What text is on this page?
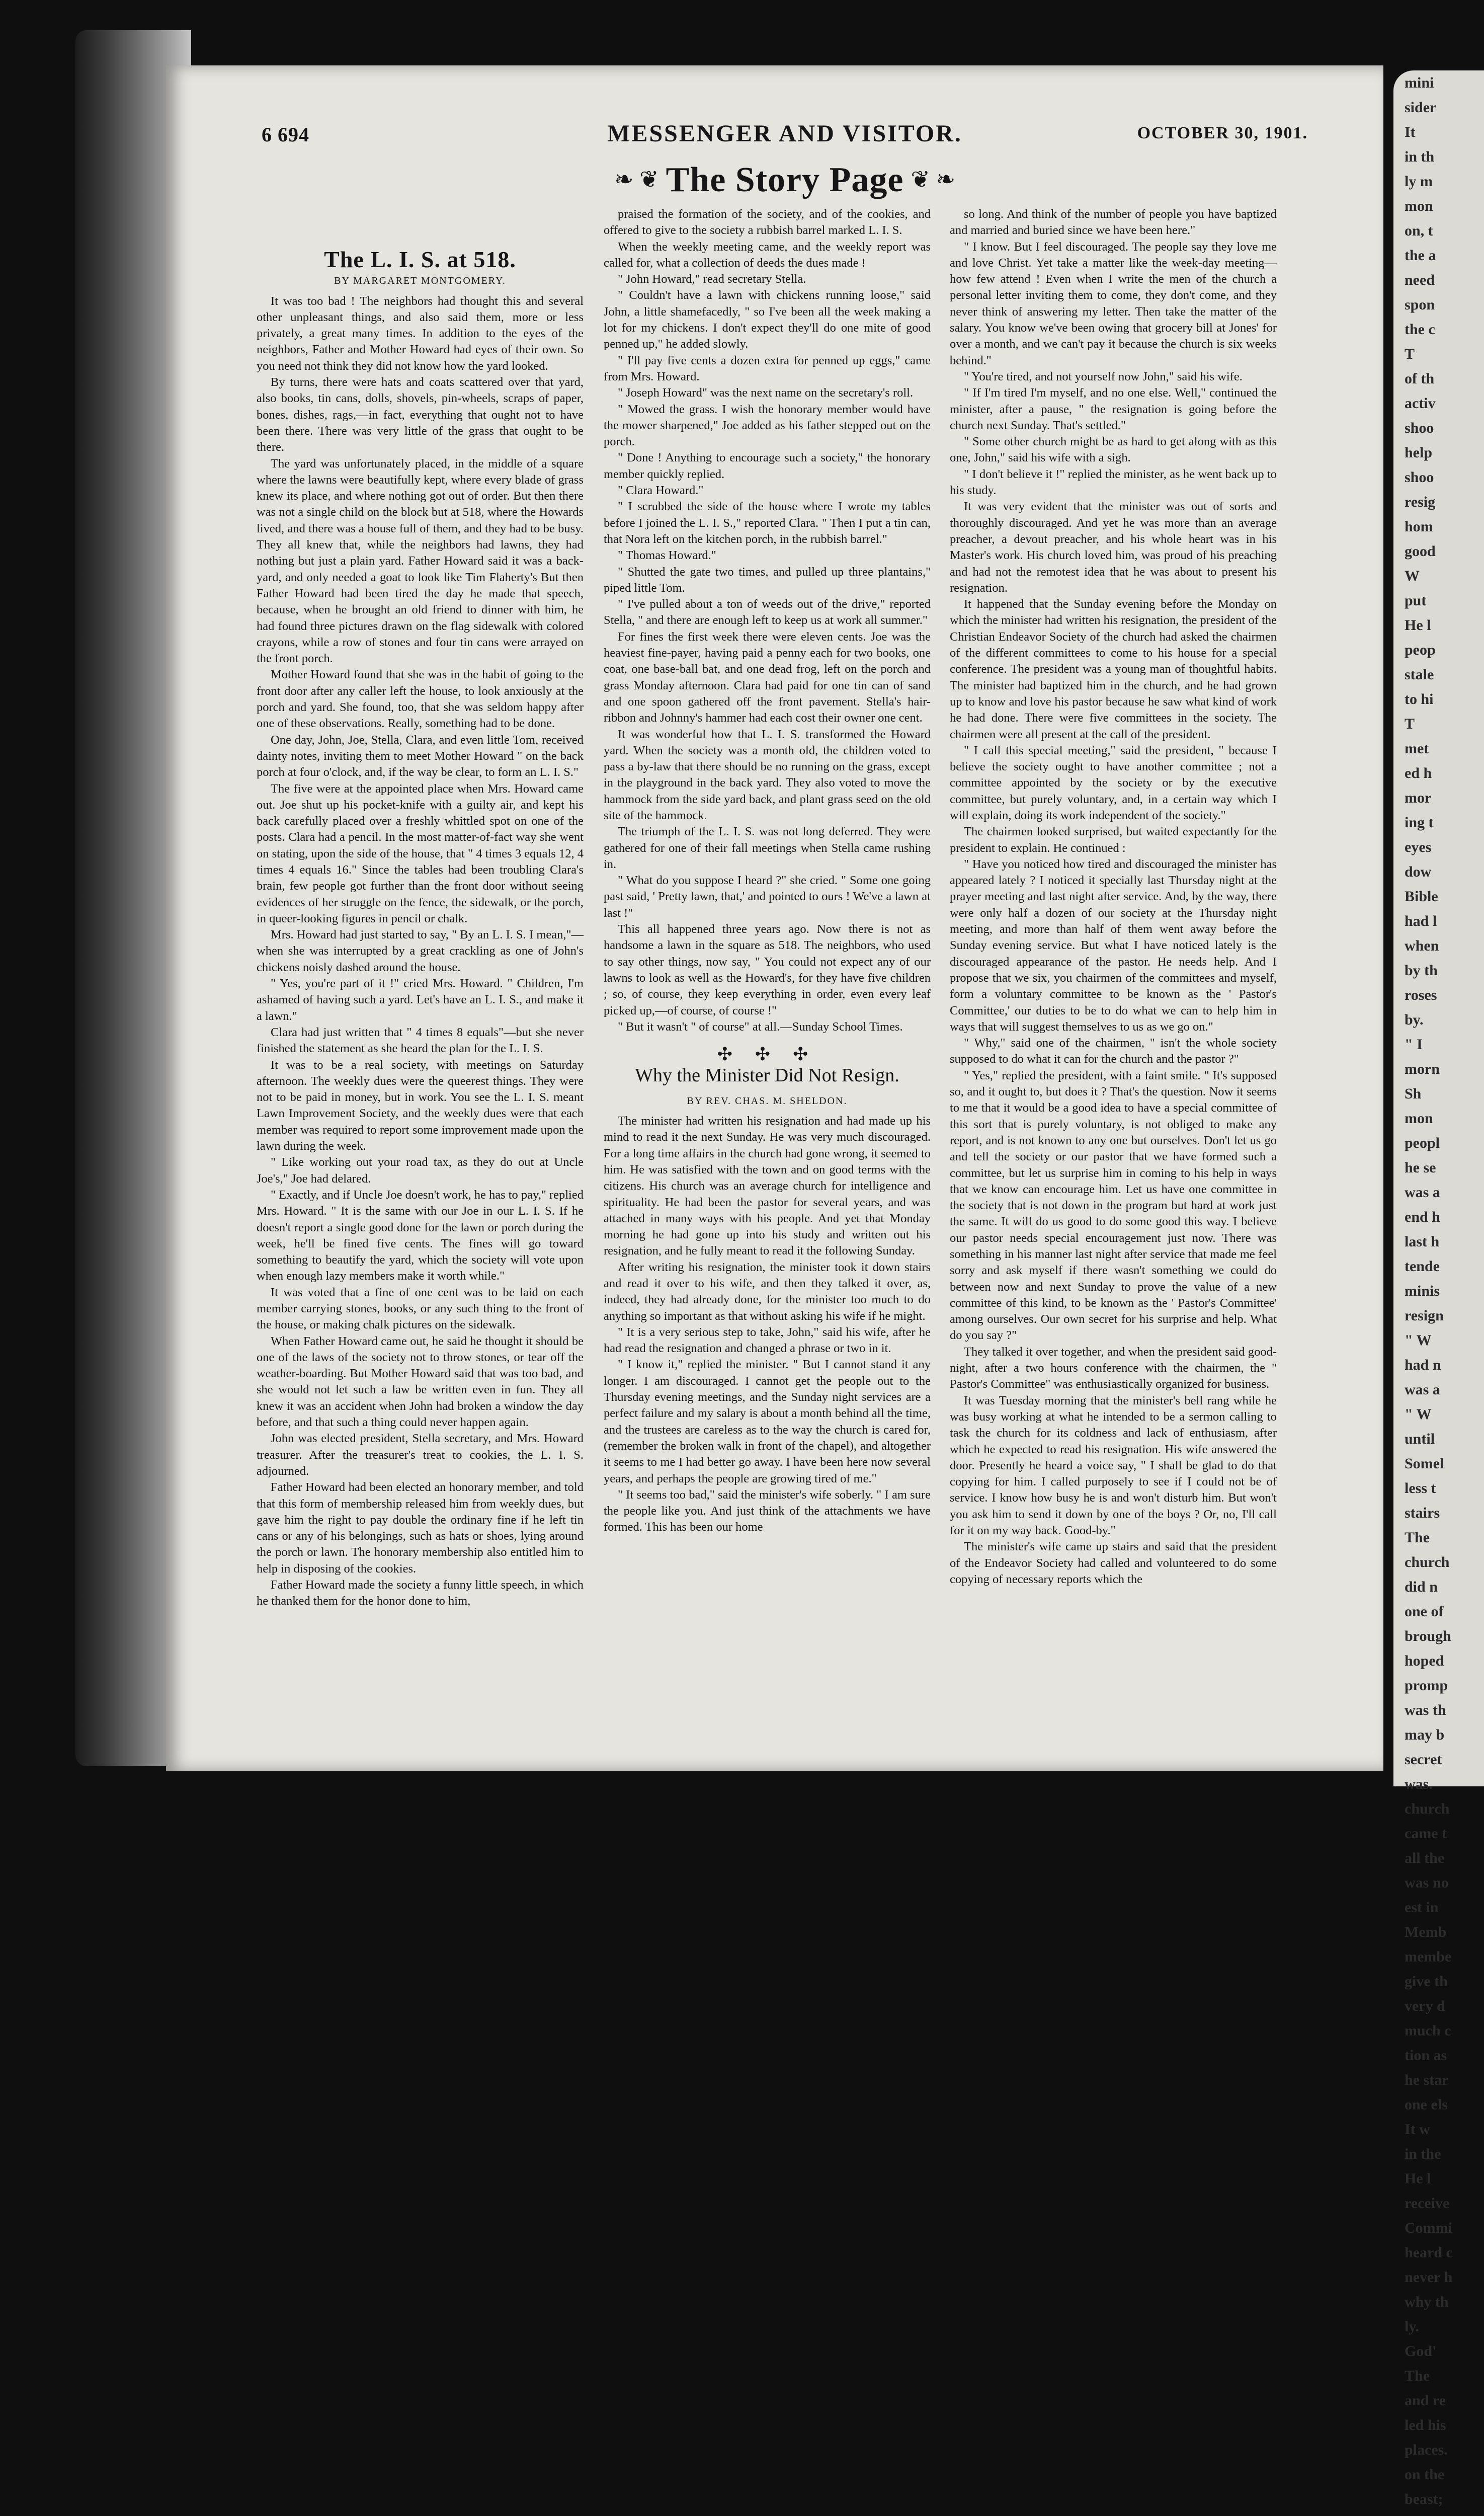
mini
sider
It
in th
ly m
mon
on, t
the a
need
spon
the c
T
of th
activ
shoo
help
shoo
resig
hom
good
W
put
He l
peop
stale
to hi
T
met
ed h
mor
ing t
eyes
dow
Bible
had l
when
by th
roses
by.
" I
morn
Sh
mon
peopl
he se
was a
end h
last h
tende
minis
resign
" W
had n
was a
" W
until
Somel
less t
stairs
The
church
did n
one of
brough
hoped
promp
was th
may b
secret
was.
church
came t
all the
was no
est in
Memb
membe
give th
very d
much c
tion as
he star
one els
It w
in the
He l
receive
Commi
heard c
never h
why th
ly.
God'
The
and re
led his
places.
on the
beast;
6 694	MESSENGER AND VISITOR.	OCTOBER 30, 1901.
❧ ❦ The Story Page ❦ ❧
The L. I. S. at 518.
BY MARGARET MONTGOMERY.

It was too bad ! The neighbors had thought this and several other unpleasant things, and also said them, more or less privately, a great many times. In addition to the eyes of the neighbors, Father and Mother Howard had eyes of their own. So you need not think they did not know how the yard looked.

By turns, there were hats and coats scattered over that yard, also books, tin cans, dolls, shovels, pin-wheels, scraps of paper, bones, dishes, rags,—in fact, everything that ought not to have been there. There was very little of the grass that ought to be there.

The yard was unfortunately placed, in the middle of a square where the lawns were beautifully kept, where every blade of grass knew its place, and where nothing got out of order. But then there was not a single child on the block but at 518, where the Howards lived, and there was a house full of them, and they had to be busy. They all knew that, while the neighbors had lawns, they had nothing but just a plain yard. Father Howard said it was a back-yard, and only needed a goat to look like Tim Flaherty's But then Father Howard had been tired the day he made that speech, because, when he brought an old friend to dinner with him, he had found three pictures drawn on the flag sidewalk with colored crayons, while a row of stones and four tin cans were arrayed on the front porch.

Mother Howard found that she was in the habit of going to the front door after any caller left the house, to look anxiously at the porch and yard. She found, too, that she was seldom happy after one of these observations. Really, something had to be done.

One day, John, Joe, Stella, Clara, and even little Tom, received dainty notes, inviting them to meet Mother Howard " on the back porch at four o'clock, and, if the way be clear, to form an L. I. S."

The five were at the appointed place when Mrs. Howard came out. Joe shut up his pocket-knife with a guilty air, and kept his back carefully placed over a freshly whittled spot on one of the posts. Clara had a pencil. In the most matter-of-fact way she went on stating, upon the side of the house, that " 4 times 3 equals 12, 4 times 4 equals 16." Since the tables had been troubling Clara's brain, few people got further than the front door without seeing evidences of her struggle on the fence, the sidewalk, or the porch, in queer-looking figures in pencil or chalk.

Mrs. Howard had just started to say, " By an L. I. S. I mean,"—when she was interrupted by a great crackling as one of John's chickens noisly dashed around the house.

" Yes, you're part of it !" cried Mrs. Howard. " Children, I'm ashamed of having such a yard. Let's have an L. I. S., and make it a lawn."

Clara had just written that " 4 times 8 equals"—but she never finished the statement as she heard the plan for the L. I. S.

It was to be a real society, with meetings on Saturday afternoon. The weekly dues were the queerest things. They were not to be paid in money, but in work. You see the L. I. S. meant Lawn Improvement Society, and the weekly dues were that each member was required to report some improvement made upon the lawn during the week.

" Like working out your road tax, as they do out at Uncle Joe's," Joe had delared.

" Exactly, and if Uncle Joe doesn't work, he has to pay," replied Mrs. Howard. " It is the same with our Joe in our L. I. S. If he doesn't report a single good done for the lawn or porch during the week, he'll be fined five cents. The fines will go toward something to beautify the yard, which the society will vote upon when enough lazy members make it worth while."

It was voted that a fine of one cent was to be laid on each member carrying stones, books, or any such thing to the front of the house, or making chalk pictures on the sidewalk.

When Father Howard came out, he said he thought it should be one of the laws of the society not to throw stones, or tear off the weather-boarding. But Mother Howard said that was too bad, and she would not let such a law be written even in fun. They all knew it was an accident when John had broken a window the day before, and that such a thing could never happen again.

John was elected president, Stella secretary, and Mrs. Howard treasurer. After the treasurer's treat to cookies, the L. I. S. adjourned.

Father Howard had been elected an honorary member, and told that this form of membership released him from weekly dues, but gave him the right to pay double the ordinary fine if he left tin cans or any of his belongings, such as hats or shoes, lying around the porch or lawn. The honorary membership also entitled him to help in disposing of the cookies.

Father Howard made the society a funny little speech, in which he thanked them for the honor done to him,

praised the formation of the society, and of the cookies, and offered to give to the society a rubbish barrel marked L. I. S.

When the weekly meeting came, and the weekly report was called for, what a collection of deeds the dues made !

" John Howard," read secretary Stella.

" Couldn't have a lawn with chickens running loose," said John, a little shamefacedly, " so I've been all the week making a lot for my chickens. I don't expect they'll do one mite of good penned up," he added slowly.

" I'll pay five cents a dozen extra for penned up eggs," came from Mrs. Howard.

" Joseph Howard" was the next name on the secretary's roll.

" Mowed the grass. I wish the honorary member would have the mower sharpened," Joe added as his father stepped out on the porch.

" Done ! Anything to encourage such a society," the honorary member quickly replied.

" Clara Howard."

" I scrubbed the side of the house where I wrote my tables before I joined the L. I. S.," reported Clara. " Then I put a tin can, that Nora left on the kitchen porch, in the rubbish barrel."

" Thomas Howard."

" Shutted the gate two times, and pulled up three plantains," piped little Tom.

" I've pulled about a ton of weeds out of the drive," reported Stella, " and there are enough left to keep us at work all summer."

For fines the first week there were eleven cents. Joe was the heaviest fine-payer, having paid a penny each for two books, one coat, one base-ball bat, and one dead frog, left on the porch and grass Monday afternoon. Clara had paid for one tin can of sand and one spoon gathered off the front pavement. Stella's hair-ribbon and Johnny's hammer had each cost their owner one cent.

It was wonderful how that L. I. S. transformed the Howard yard. When the society was a month old, the children voted to pass a by-law that there should be no running on the grass, except in the playground in the back yard. They also voted to move the hammock from the side yard back, and plant grass seed on the old site of the hammock.

The triumph of the L. I. S. was not long deferred. They were gathered for one of their fall meetings when Stella came rushing in.

" What do you suppose I heard ?" she cried. " Some one going past said, ' Pretty lawn, that,' and pointed to ours ! We've a lawn at last !"

This all happened three years ago. Now there is not as handsome a lawn in the square as 518. The neighbors, who used to say other things, now say, " You could not expect any of our lawns to look as well as the Howard's, for they have five children ; so, of course, they keep everything in order, even every leaf picked up,—of course, of course !"

" But it wasn't " of course" at all.—Sunday School Times.

✣ ✣ ✣
Why the Minister Did Not Resign.
BY REV. CHAS. M. SHELDON.

The minister had written his resignation and had made up his mind to read it the next Sunday. He was very much discouraged. For a long time affairs in the church had gone wrong, it seemed to him. He was satisfied with the town and on good terms with the citizens. His church was an average church for intelligence and spirituality. He had been the pastor for several years, and was attached in many ways with his people. And yet that Monday morning he had gone up into his study and written out his resignation, and he fully meant to read it the following Sunday.

After writing his resignation, the minister took it down stairs and read it over to his wife, and then they talked it over, as, indeed, they had already done, for the minister too much to do anything so important as that without asking his wife if he might.

" It is a very serious step to take, John," said his wife, after he had read the resignation and changed a phrase or two in it.

" I know it," replied the minister. " But I cannot stand it any longer. I am discouraged. I cannot get the people out to the Thursday evening meetings, and the Sunday night services are a perfect failure and my salary is about a month behind all the time, and the trustees are careless as to the way the church is cared for, (remember the broken walk in front of the chapel), and altogether it seems to me I had better go away. I have been here now several years, and perhaps the people are growing tired of me."

" It seems too bad," said the minister's wife soberly. " I am sure the people like you. And just think of the attachments we have formed. This has been our home

so long. And think of the number of people you have baptized and married and buried since we have been here."

" I know. But I feel discouraged. The people say they love me and love Christ. Yet take a matter like the week-day meeting—how few attend ! Even when I write the men of the church a personal letter inviting them to come, they don't come, and they never think of answering my letter. Then take the matter of the salary. You know we've been owing that grocery bill at Jones' for over a month, and we can't pay it because the church is six weeks behind."

" You're tired, and not yourself now John," said his wife.

" If I'm tired I'm myself, and no one else. Well," continued the minister, after a pause, " the resignation is going before the church next Sunday. That's settled."

" Some other church might be as hard to get along with as this one, John," said his wife with a sigh.

" I don't believe it !" replied the minister, as he went back up to his study.

It was very evident that the minister was out of sorts and thoroughly discouraged. And yet he was more than an average preacher, a devout preacher, and his whole heart was in his Master's work. His church loved him, was proud of his preaching and had not the remotest idea that he was about to present his resignation.

It happened that the Sunday evening before the Monday on which the minister had written his resignation, the president of the Christian Endeavor Society of the church had asked the chairmen of the different committees to come to his house for a special conference. The president was a young man of thoughtful habits. The minister had baptized him in the church, and he had grown up to know and love his pastor because he saw what kind of work he had done. There were five committees in the society. The chairmen were all present at the call of the president.

" I call this special meeting," said the president, " because I believe the society ought to have another committee ; not a committee appointed by the society or by the executive committee, but purely voluntary, and, in a certain way which I will explain, doing its work independent of the society."

The chairmen looked surprised, but waited expectantly for the president to explain. He continued :

" Have you noticed how tired and discouraged the minister has appeared lately ? I noticed it specially last Thursday night at the prayer meeting and last night after service. And, by the way, there were only half a dozen of our society at the Thursday night meeting, and more than half of them went away before the Sunday evening service. But what I have noticed lately is the discouraged appearance of the pastor. He needs help. And I propose that we six, you chairmen of the committees and myself, form a voluntary committee to be known as the ' Pastor's Committee,' our duties to be to do what we can to help him in ways that will suggest themselves to us as we go on."

" Why," said one of the chairmen, " isn't the whole society supposed to do what it can for the church and the pastor ?"

" Yes," replied the president, with a faint smile. " It's supposed so, and it ought to, but does it ? That's the question. Now it seems to me that it would be a good idea to have a special committee of this sort that is purely voluntary, is not obliged to make any report, and is not known to any one but ourselves. Don't let us go and tell the society or our pastor that we have formed such a committee, but let us surprise him in coming to his help in ways that we know can encourage him. Let us have one committee in the society that is not down in the program but hard at work just the same. It will do us good to do some good this way. I believe our pastor needs special encouragement just now. There was something in his manner last night after service that made me feel sorry and ask myself if there wasn't something we could do between now and next Sunday to prove the value of a new committee of this kind, to be known as the ' Pastor's Committee' among ourselves. Our own secret for his surprise and help. What do you say ?"

They talked it over together, and when the president said good-night, after a two hours conference with the chairmen, the " Pastor's Committee" was enthusiastically organized for business.

It was Tuesday morning that the minister's bell rang while he was busy working at what he intended to be a sermon calling to task the church for its coldness and lack of enthusiasm, after which he expected to read his resignation. His wife answered the door. Presently he heard a voice say, " I shall be glad to do that copying for him. I called purposely to see if I could not be of service. I know how busy he is and won't disturb him. But won't you ask him to send it down by one of the boys ? Or, no, I'll call for it on my way back. Good-by."

The minister's wife came up stairs and said that the president of the Endeavor Society had called and volunteered to do some copying of necessary reports which the
